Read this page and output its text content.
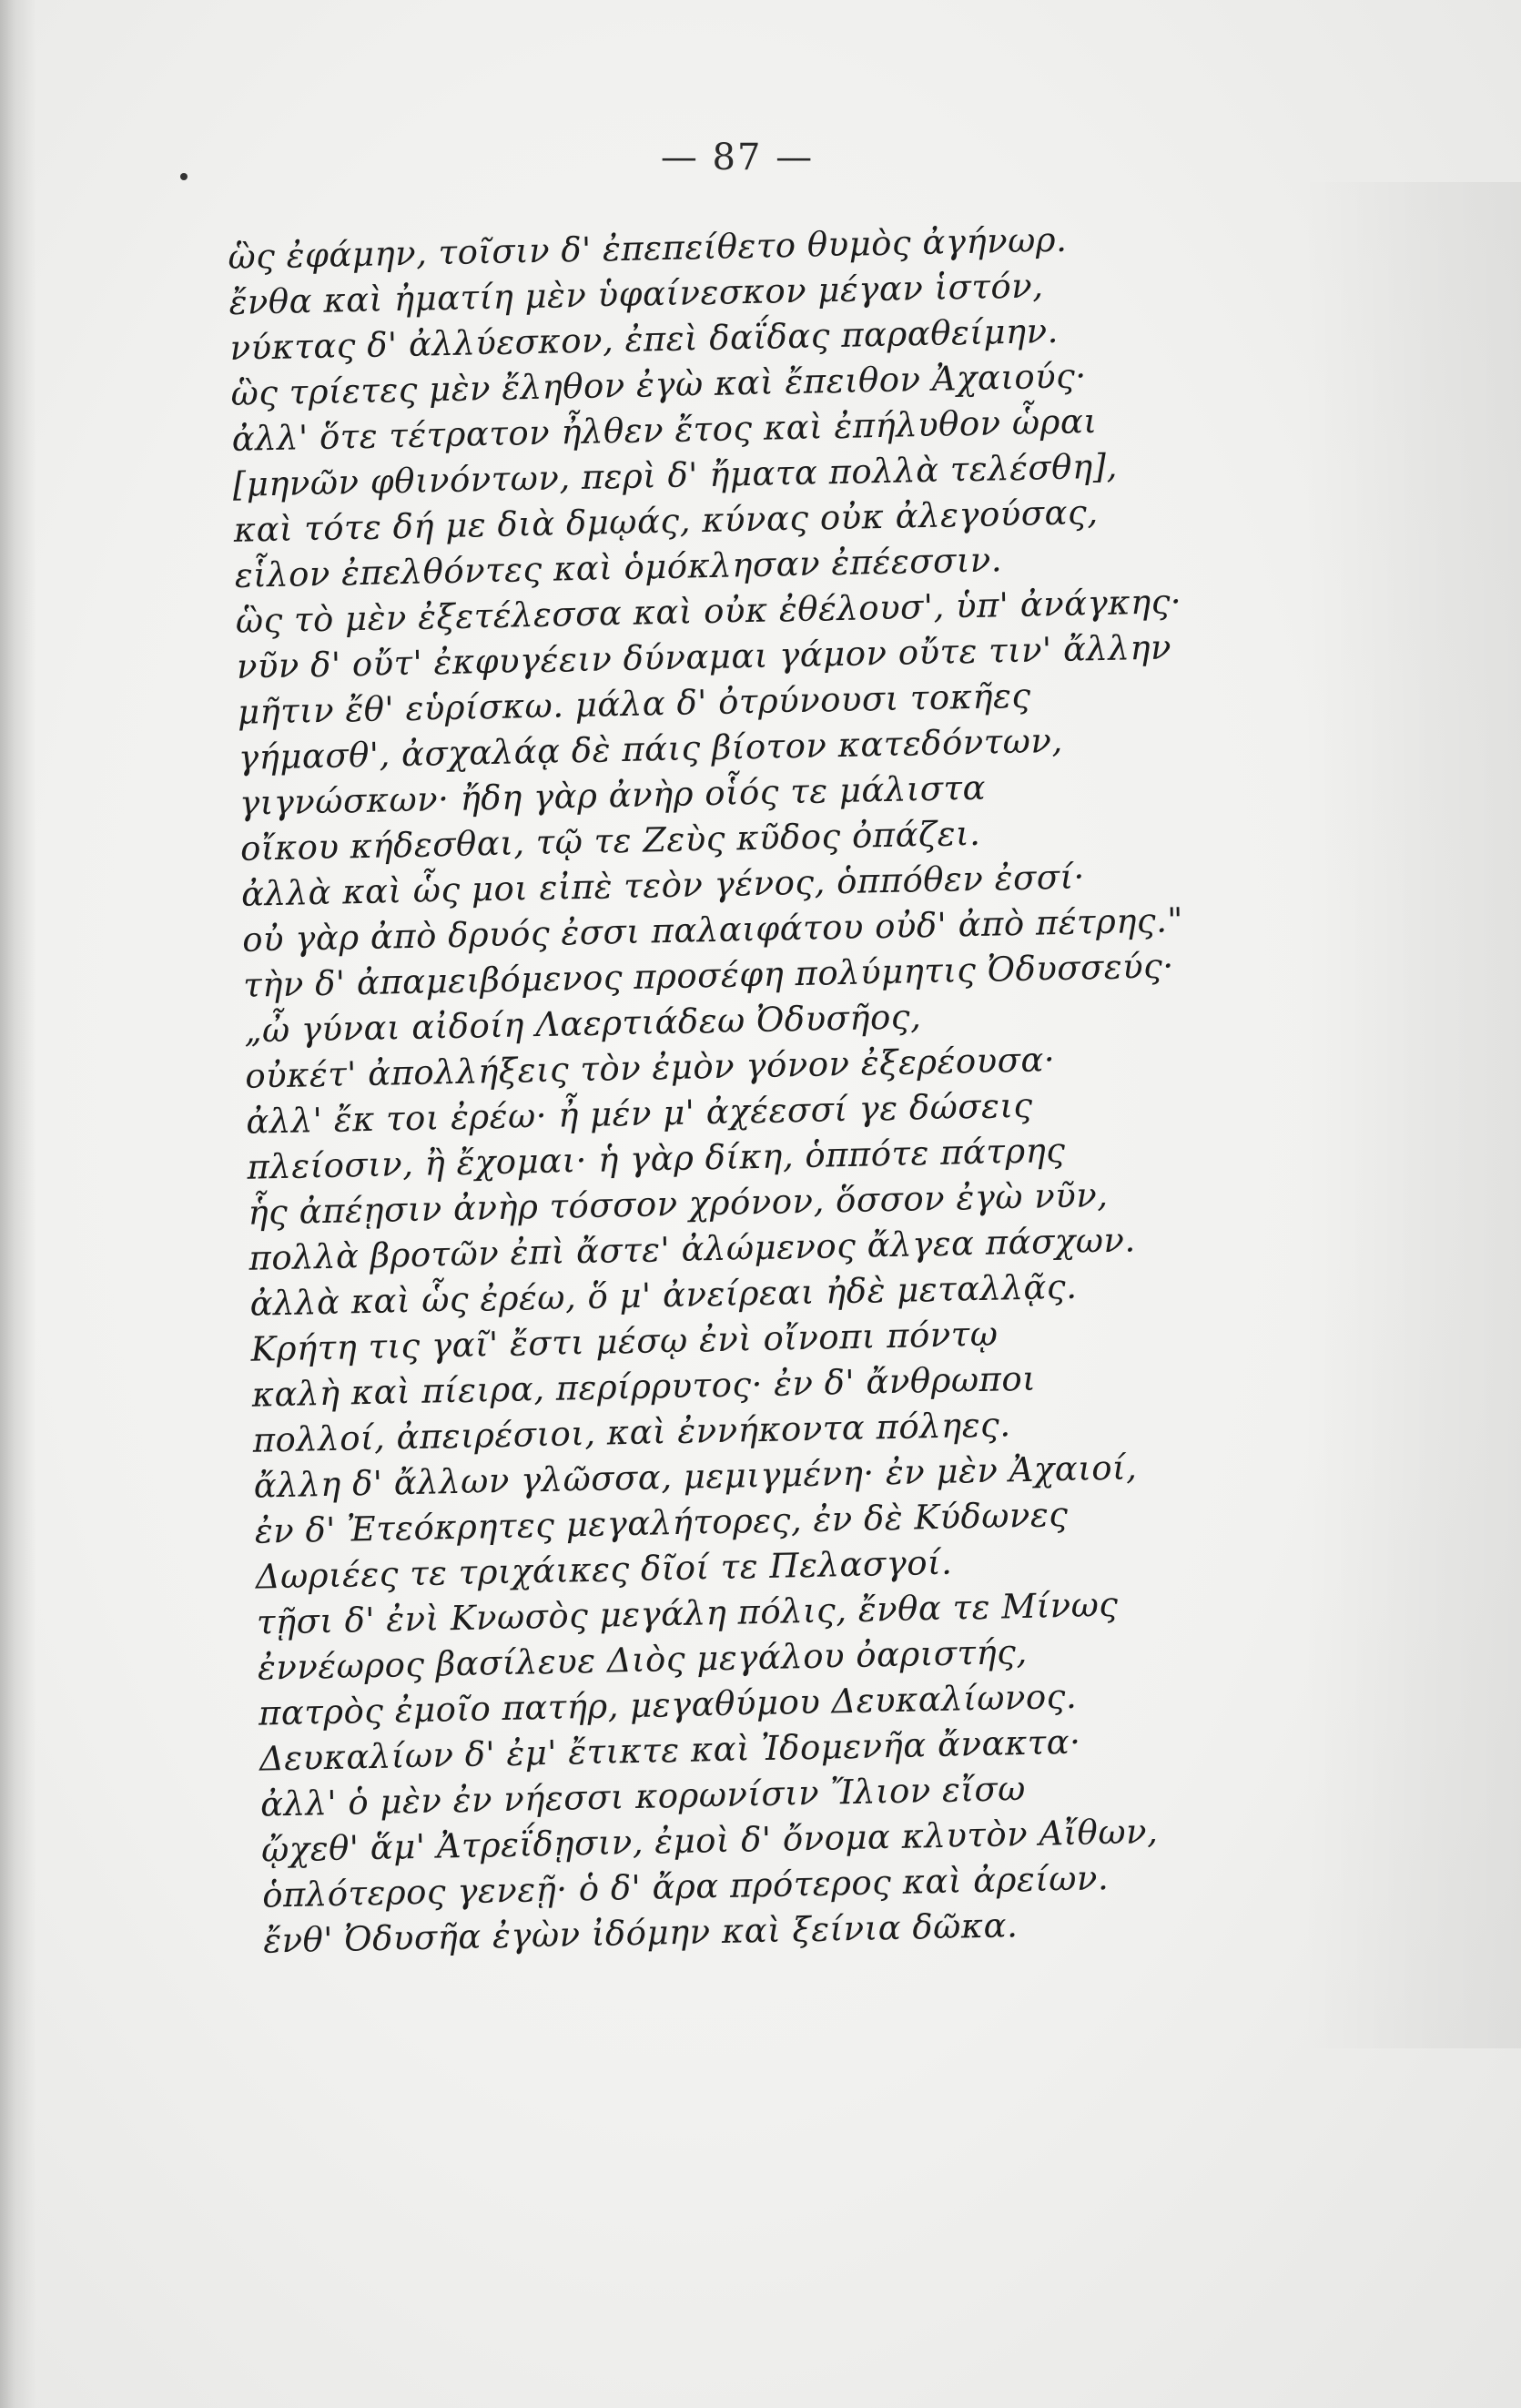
— 87 —
ὣς ἐφάμην, τοῖσιν δ' ἐπεπείθετο θυμὸς ἀγήνωρ.
ἔνθα καὶ ἠματίη μὲν ὑφαίνεσκον μέγαν ἱστόν,
νύκτας δ' ἀλλύεσκον, ἐπεὶ δαΐδας παραθείμην.
ὣς τρίετες μὲν ἔληθον ἐγὼ καὶ ἔπειθον Ἀχαιούς·
ἀλλ' ὅτε τέτρατον ἦλθεν ἔτος καὶ ἐπήλυθον ὧραι
[μηνῶν φθινόντων, περὶ δ' ἤματα πολλὰ τελέσθη],
καὶ τότε δή με διὰ δμῳάς, κύνας οὐκ ἀλεγούσας,
εἷλον ἐπελθόντες καὶ ὁμόκλησαν ἐπέεσσιν.
ὣς τὸ μὲν ἐξετέλεσσα καὶ οὐκ ἐθέλουσ', ὑπ' ἀνάγκης·
νῦν δ' οὔτ' ἐκφυγέειν δύναμαι γάμον οὔτε τιν' ἄλλην
μῆτιν ἔθ' εὑρίσκω. μάλα δ' ὀτρύνουσι τοκῆες
γήμασθ', ἀσχαλάᾳ δὲ πάις βίοτον κατεδόντων,
γιγνώσκων· ἤδη γὰρ ἀνὴρ οἷός τε μάλιστα
οἴκου κήδεσθαι, τῷ τε Ζεὺς κῦδος ὀπάζει.
ἀλλὰ καὶ ὧς μοι εἰπὲ τεὸν γένος, ὁππόθεν ἐσσί·
οὐ γὰρ ἀπὸ δρυός ἐσσι παλαιφάτου οὐδ' ἀπὸ πέτρης."
τὴν δ' ἀπαμειβόμενος προσέφη πολύμητις Ὀδυσσεύς·
„ὦ γύναι αἰδοίη Λαερτιάδεω Ὀδυσῆος,
οὐκέτ' ἀπολλήξεις τὸν ἐμὸν γόνον ἐξερέουσα·
ἀλλ' ἔκ τοι ἐρέω· ἦ μέν μ' ἀχέεσσί γε δώσεις
πλείοσιν, ἢ ἔχομαι· ἡ γὰρ δίκη, ὁππότε πάτρης
ἧς ἀπέῃσιν ἀνὴρ τόσσον χρόνον, ὅσσον ἐγὼ νῦν,
πολλὰ βροτῶν ἐπὶ ἄστε' ἀλώμενος ἄλγεα πάσχων.
ἀλλὰ καὶ ὧς ἐρέω, ὅ μ' ἀνείρεαι ἠδὲ μεταλλᾷς.
Κρήτη τις γαῖ' ἔστι μέσῳ ἐνὶ οἴνοπι πόντῳ
καλὴ καὶ πίειρα, περίρρυτος· ἐν δ' ἄνθρωποι
πολλοί, ἀπειρέσιοι, καὶ ἐννήκοντα πόληες.
ἄλλη δ' ἄλλων γλῶσσα, μεμιγμένη· ἐν μὲν Ἀχαιοί,
ἐν δ' Ἐτεόκρητες μεγαλήτορες, ἐν δὲ Κύδωνες
Δωριέες τε τριχάικες δῖοί τε Πελασγοί.
τῇσι δ' ἐνὶ Κνωσὸς μεγάλη πόλις, ἔνθα τε Μίνως
ἐννέωρος βασίλευε Διὸς μεγάλου ὀαριστής,
πατρὸς ἐμοῖο πατήρ, μεγαθύμου Δευκαλίωνος.
Δευκαλίων δ' ἐμ' ἔτικτε καὶ Ἰδομενῆα ἄνακτα·
ἀλλ' ὁ μὲν ἐν νήεσσι κορωνίσιν Ἴλιον εἴσω
ᾤχεθ' ἅμ' Ἀτρεΐδῃσιν, ἐμοὶ δ' ὄνομα κλυτὸν Αἴθων,
ὁπλότερος γενεῇ· ὁ δ' ἄρα πρότερος καὶ ἀρείων.
ἔνθ' Ὀδυσῆα ἐγὼν ἰδόμην καὶ ξείνια δῶκα.
